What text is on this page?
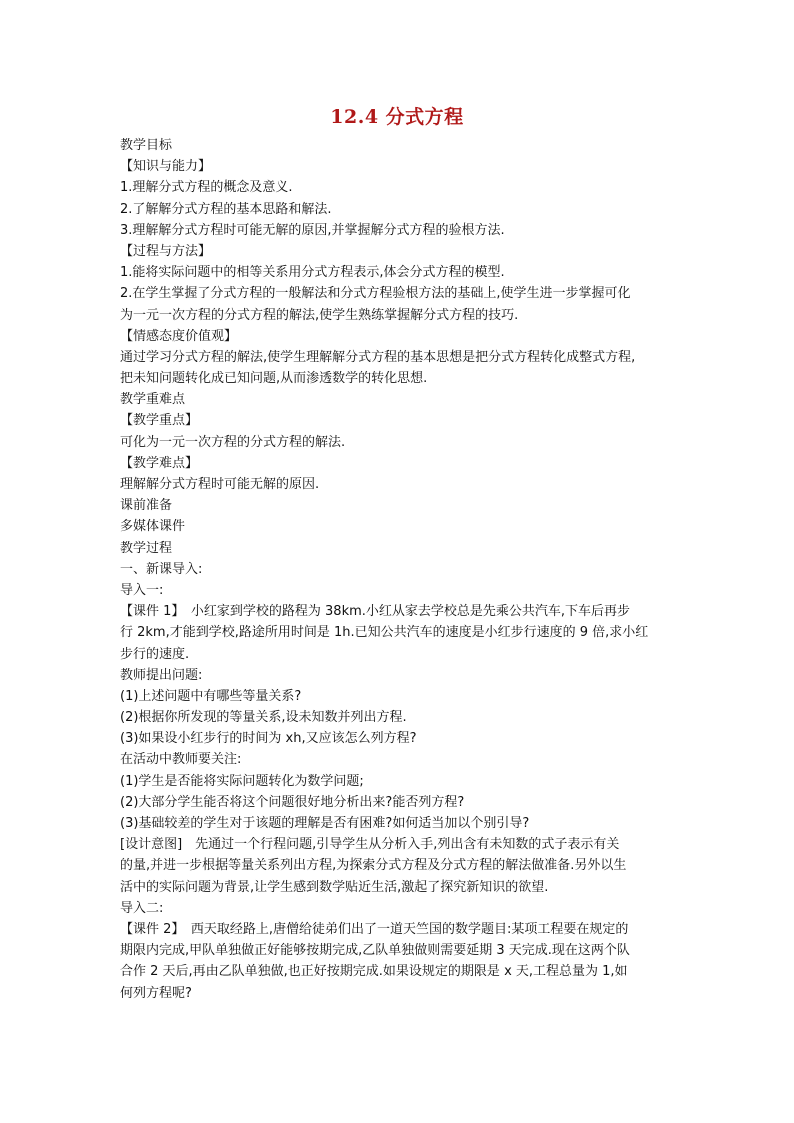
12.4 分式方程
教学目标
【知识与能力】
1.理解分式方程的概念及意义.
2.了解解分式方程的基本思路和解法.
3.理解解分式方程时可能无解的原因,并掌握解分式方程的验根方法.
【过程与方法】
1.能将实际问题中的相等关系用分式方程表示,体会分式方程的模型.
2.在学生掌握了分式方程的一般解法和分式方程验根方法的基础上,使学生进一步掌握可化
为一元一次方程的分式方程的解法,使学生熟练掌握解分式方程的技巧.
【情感态度价值观】
通过学习分式方程的解法,使学生理解解分式方程的基本思想是把分式方程转化成整式方程,
把未知问题转化成已知问题,从而渗透数学的转化思想.
教学重难点
【教学重点】
可化为一元一次方程的分式方程的解法.
【教学难点】
理解解分式方程时可能无解的原因.
课前准备
多媒体课件
教学过程
一、新课导入:
导入一:
【课件 1】　小红家到学校的路程为 38km.小红从家去学校总是先乘公共汽车,下车后再步
行 2km,才能到学校,路途所用时间是 1h.已知公共汽车的速度是小红步行速度的 9 倍,求小红
步行的速度.
教师提出问题:
(1)上述问题中有哪些等量关系?
(2)根据你所发现的等量关系,设未知数并列出方程.
(3)如果设小红步行的时间为 xh,又应该怎么列方程?
在活动中教师要关注:
(1)学生是否能将实际问题转化为数学问题;
(2)大部分学生能否将这个问题很好地分析出来?能否列方程?
(3)基础较差的学生对于该题的理解是否有困难?如何适当加以个别引导?
[设计意图]　先通过一个行程问题,引导学生从分析入手,列出含有未知数的式子表示有关
的量,并进一步根据等量关系列出方程,为探索分式方程及分式方程的解法做准备.另外以生
活中的实际问题为背景,让学生感到数学贴近生活,激起了探究新知识的欲望.
导入二:
【课件 2】　西天取经路上,唐僧给徒弟们出了一道天竺国的数学题目:某项工程要在规定的
期限内完成,甲队单独做正好能够按期完成,乙队单独做则需要延期 3 天完成.现在这两个队
合作 2 天后,再由乙队单独做,也正好按期完成.如果设规定的期限是 x 天,工程总量为 1,如
何列方程呢?
